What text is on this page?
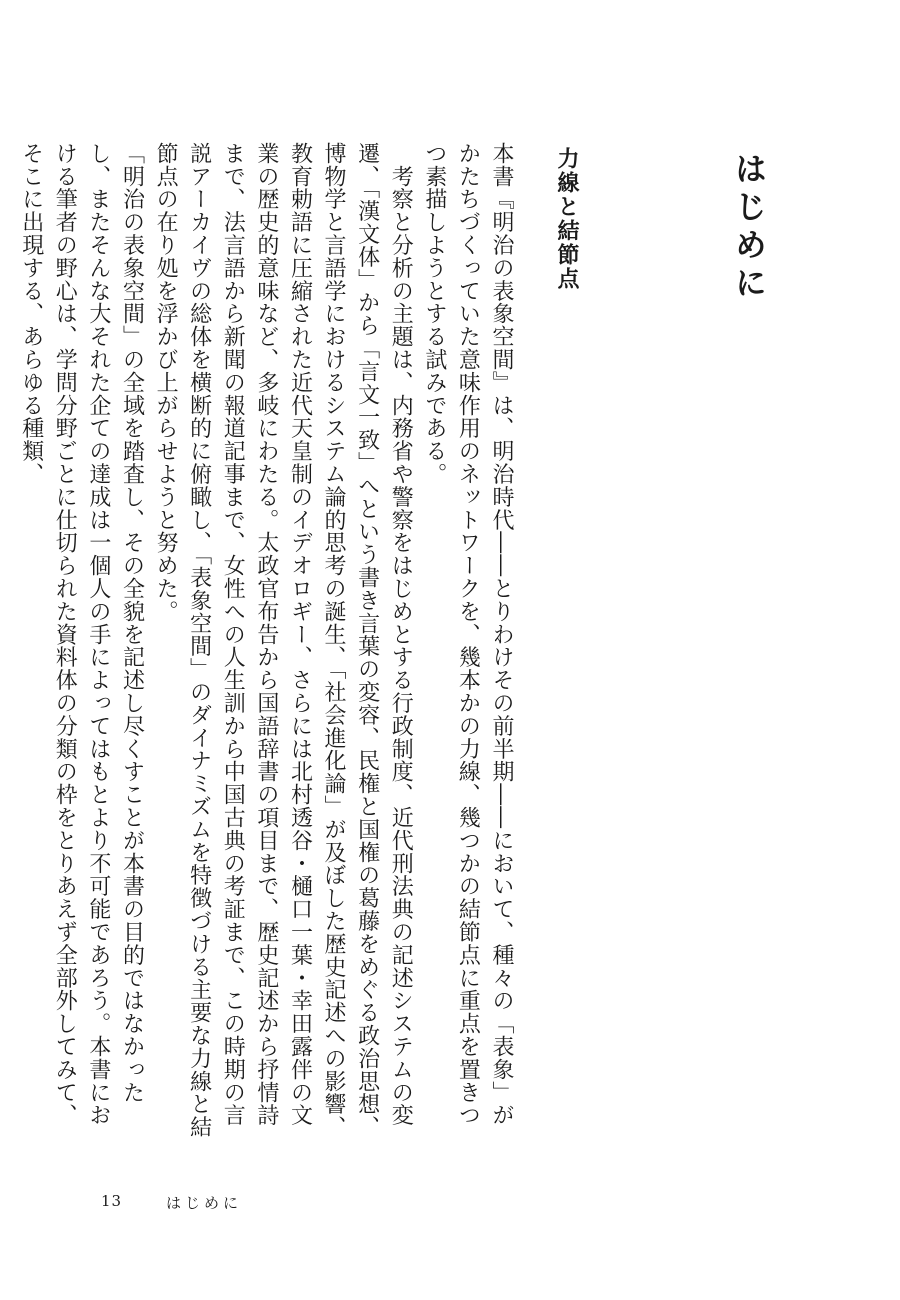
はじめに
力線と結節点

本書『明治の表象空間』は、明治時代――とりわけその前半期――において、種々の「表象」がかたちづくっていた意味作用のネットワークを、幾本かの力線、幾つかの結節点に重点を置きつつ素描しようとする試みである。

　考察と分析の主題は、内務省や警察をはじめとする行政制度、近代刑法典の記述システムの変遷、「漢文体」から「言文一致」へという書き言葉の変容、民権と国権の葛藤をめぐる政治思想、博物学と言語学におけるシステム論的思考の誕生、「社会進化論」が及ぼした歴史記述への影響、教育勅語に圧縮された近代天皇制のイデオロギー、さらには北村透谷・樋口一葉・幸田露伴の文業の歴史的意味など、多岐にわたる。太政官布告から国語辞書の項目まで、歴史記述から抒情詩まで、法言語から新聞の報道記事まで、女性への人生訓から中国古典の考証まで、この時期の言説アーカイヴの総体を横断的に俯瞰し、「表象空間」のダイナミズムを特徴づける主要な力線と結節点の在り処を浮かび上がらせようと努めた。

「明治の表象空間」の全域を踏査し、その全貌を記述し尽くすことが本書の目的ではなかったし、またそんな大それた企ての達成は一個人の手によってはもとより不可能であろう。本書における筆者の野心は、学問分野ごとに仕切られた資料体の分類の枠をとりあえず全部外してみて、そこに出現する、あらゆる種類、

13	はじめに
